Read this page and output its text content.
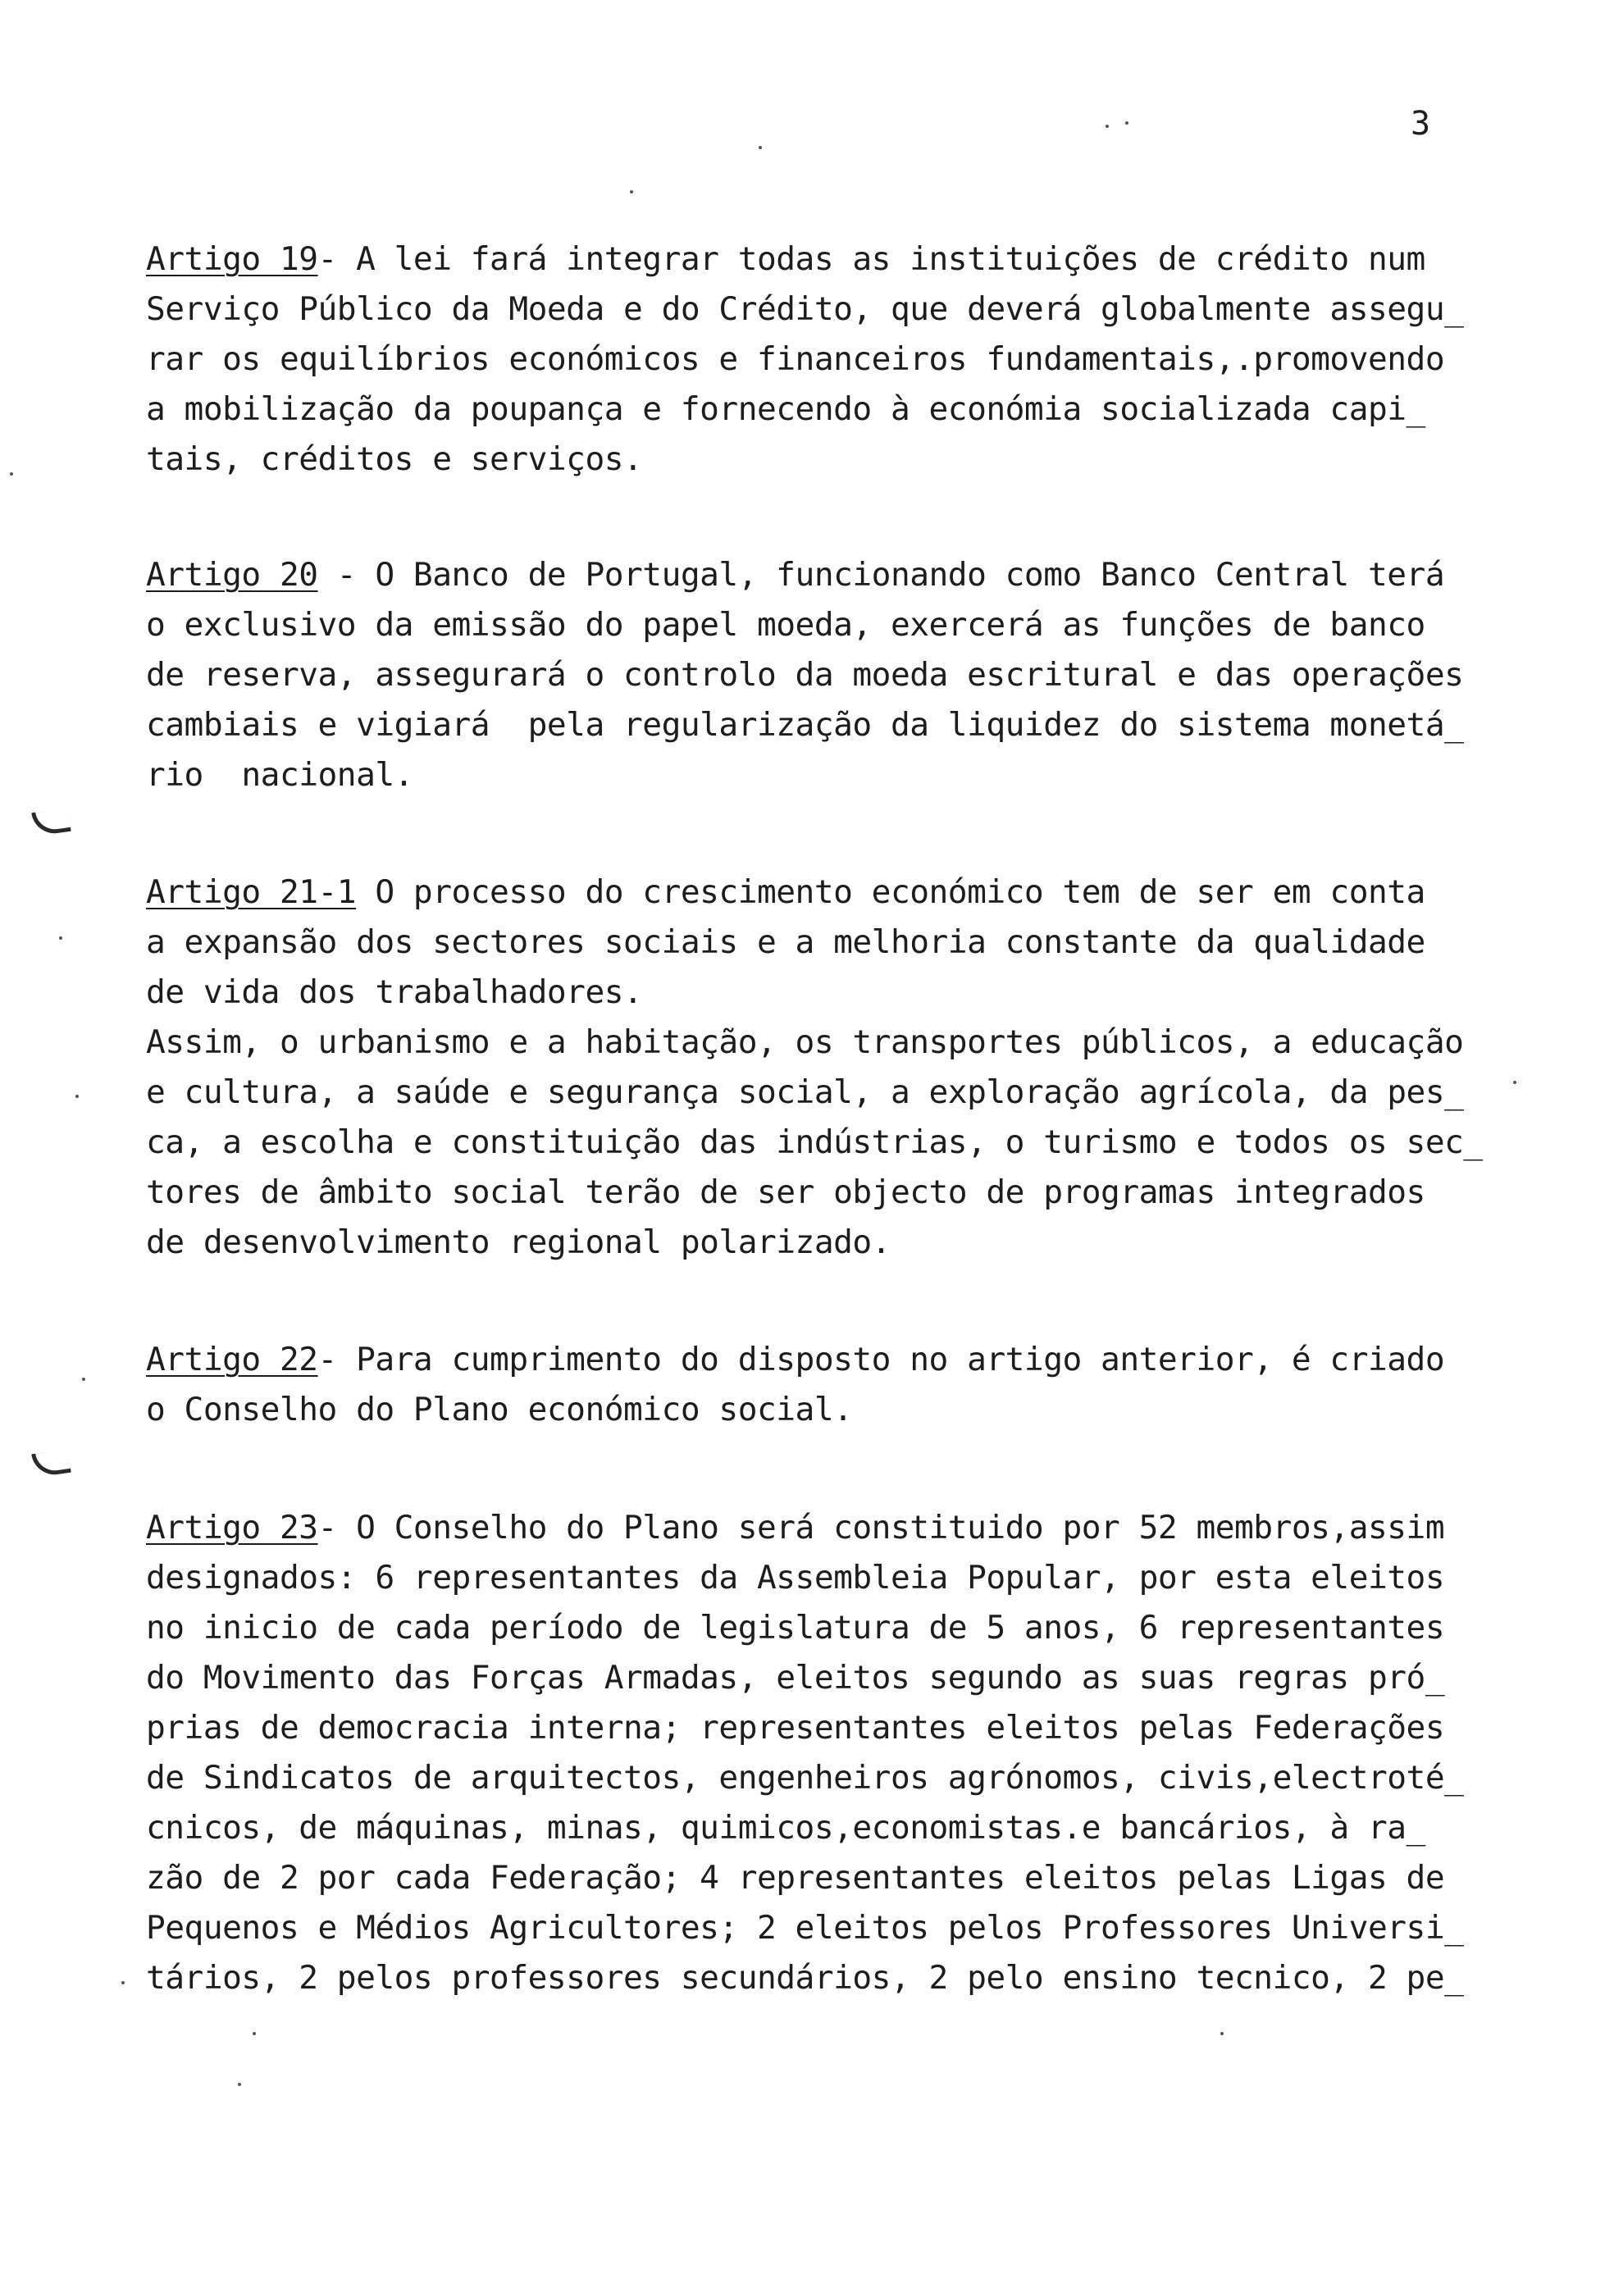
3
Artigo 19- A lei fará integrar todas as instituições de crédito num
Serviço Público da Moeda e do Crédito, que deverá globalmente assegu_
rar os equilíbrios económicos e financeiros fundamentais,.promovendo
a mobilização da poupança e fornecendo à económia socializada capi_
tais, créditos e serviços.
Artigo 20 - O Banco de Portugal, funcionando como Banco Central terá
o exclusivo da emissão do papel moeda, exercerá as funções de banco
de reserva, assegurará o controlo da moeda escritural e das operações
cambiais e vigiará  pela regularização da liquidez do sistema monetá_
rio  nacional.
Artigo 21-1 O processo do crescimento económico tem de ser em conta
a expansão dos sectores sociais e a melhoria constante da qualidade
de vida dos trabalhadores.
Assim, o urbanismo e a habitação, os transportes públicos, a educação
e cultura, a saúde e segurança social, a exploração agrícola, da pes_
ca, a escolha e constituição das indústrias, o turismo e todos os sec_
tores de âmbito social terão de ser objecto de programas integrados
de desenvolvimento regional polarizado.
Artigo 22- Para cumprimento do disposto no artigo anterior, é criado
o Conselho do Plano económico social.
Artigo 23- O Conselho do Plano será constituido por 52 membros,assim
designados: 6 representantes da Assembleia Popular, por esta eleitos
no inicio de cada período de legislatura de 5 anos, 6 representantes
do Movimento das Forças Armadas, eleitos segundo as suas regras pró_
prias de democracia interna; representantes eleitos pelas Federações
de Sindicatos de arquitectos, engenheiros agrónomos, civis,electroté_
cnicos, de máquinas, minas, quimicos,economistas.e bancários, à ra_
zão de 2 por cada Federação; 4 representantes eleitos pelas Ligas de
Pequenos e Médios Agricultores; 2 eleitos pelos Professores Universi_
tários, 2 pelos professores secundários, 2 pelo ensino tecnico, 2 pe_
